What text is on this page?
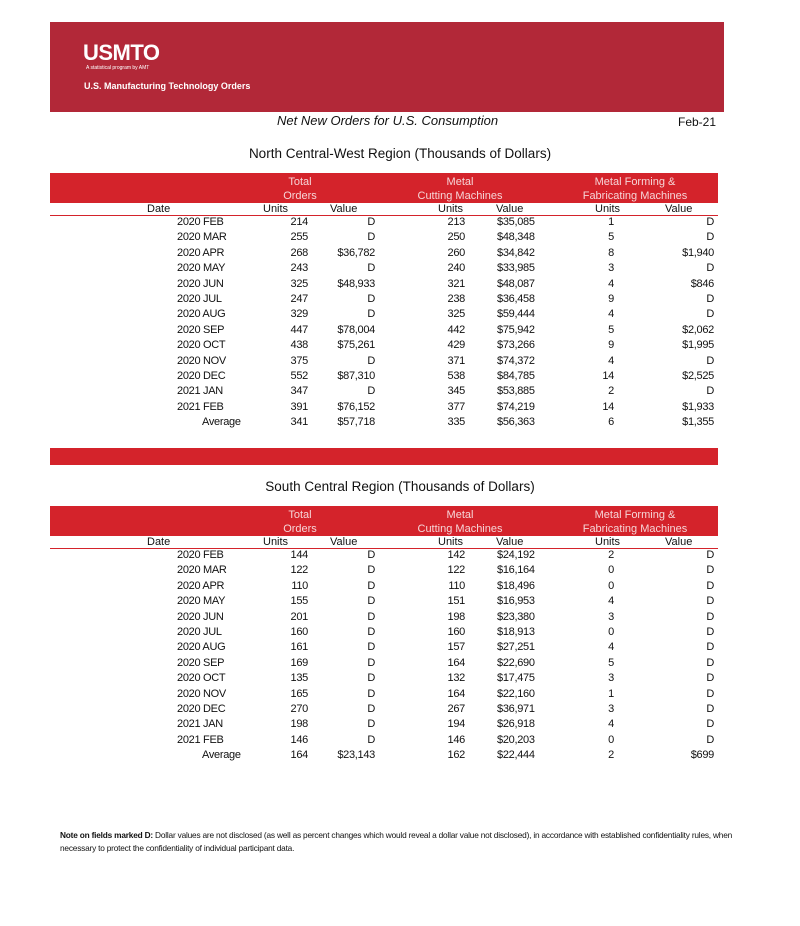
USMTO
A statistical program by AMT
U.S. Manufacturing Technology Orders
Net New Orders for U.S. Consumption	Feb-21
North Central-West Region (Thousands of Dollars)
Total
Orders
Metal
Cutting Machines
Metal Forming &
Fabricating Machines
Date	Units	Value	Units	Value	Units	Value
2020 FEB	214	D	213	$35,085	1	D
2020 MAR	255	D	250	$48,348	5	D
2020 APR	268	$36,782	260	$34,842	8	$1,940
2020 MAY	243	D	240	$33,985	3	D
2020 JUN	325	$48,933	321	$48,087	4	$846
2020 JUL	247	D	238	$36,458	9	D
2020 AUG	329	D	325	$59,444	4	D
2020 SEP	447	$78,004	442	$75,942	5	$2,062
2020 OCT	438	$75,261	429	$73,266	9	$1,995
2020 NOV	375	D	371	$74,372	4	D
2020 DEC	552	$87,310	538	$84,785	14	$2,525
2021 JAN	347	D	345	$53,885	2	D
2021 FEB	391	$76,152	377	$74,219	14	$1,933
Average	341	$57,718	335	$56,363	6	$1,355
South Central Region (Thousands of Dollars)
Total
Orders
Metal
Cutting Machines
Metal Forming &
Fabricating Machines
Date	Units	Value	Units	Value	Units	Value
2020 FEB	144	D	142	$24,192	2	D
2020 MAR	122	D	122	$16,164	0	D
2020 APR	110	D	110	$18,496	0	D
2020 MAY	155	D	151	$16,953	4	D
2020 JUN	201	D	198	$23,380	3	D
2020 JUL	160	D	160	$18,913	0	D
2020 AUG	161	D	157	$27,251	4	D
2020 SEP	169	D	164	$22,690	5	D
2020 OCT	135	D	132	$17,475	3	D
2020 NOV	165	D	164	$22,160	1	D
2020 DEC	270	D	267	$36,971	3	D
2021 JAN	198	D	194	$26,918	4	D
2021 FEB	146	D	146	$20,203	0	D
Average	164	$23,143	162	$22,444	2	$699
Note on fields marked D: Dollar values are not disclosed (as well as percent changes which would reveal a dollar value not disclosed), in accordance with established confidentiality rules, when necessary to protect the confidentiality of individual participant data.
